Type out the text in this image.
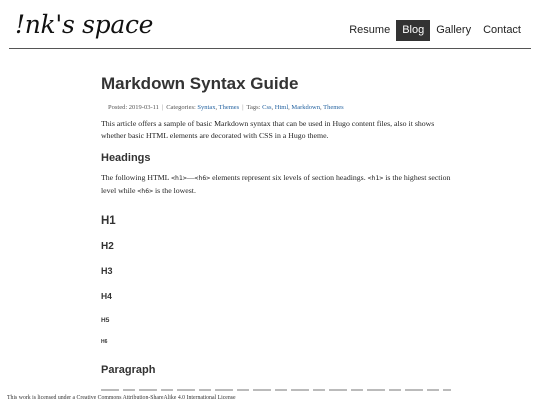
!nk's space	Resume	Blog	Gallery	Contact
Markdown Syntax Guide
Posted: 2019-03-11 | Categories: Syntax, Themes | Tags: Css, Html, Markdown, Themes

This article offers a sample of basic Markdown syntax that can be used in Hugo content files, also it shows whether basic HTML elements are decorated with CSS in a Hugo theme.

Headings

The following HTML <h1>—<h6> elements represent six levels of section headings. <h1> is the highest section level while <h6> is the lowest.

H1
H2
H3
H4
H5
H6
Paragraph
This work is licensed under a Creative Commons Attribution-ShareAlike 4.0 International License
